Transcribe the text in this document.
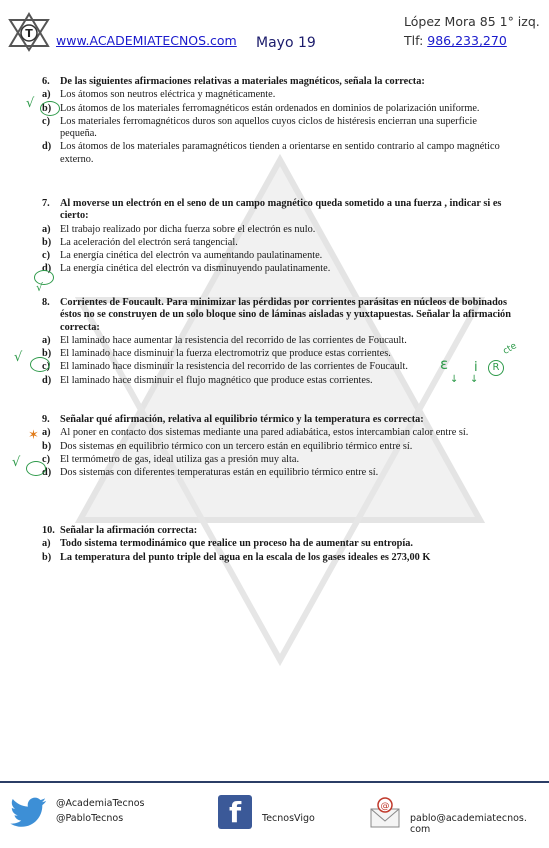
T www.ACADEMIATECNOS.com Mayo 19
López Mora 85 1° izq.
Tlf: 986,233,270
6. De las siguientes afirmaciones relativas a materiales magnéticos, señala la correcta:
a) Los átomos son neutros eléctrica y magnéticamente.
b) Los átomos de los materiales ferromagnéticos están ordenados en dominios de polarización uniforme.
c) Los materiales ferromagnéticos duros son aquellos cuyos ciclos de histéresis encierran una superficie pequeña.
d) Los átomos de los materiales paramagnéticos tienden a orientarse en sentido contrario al campo magnético externo.
√
7. Al moverse un electrón en el seno de un campo magnético queda sometido a una fuerza , indicar si es cierto:
a) El trabajo realizado por dicha fuerza sobre el electrón es nulo.
b) La aceleración del electrón será tangencial.
c) La energía cinética del electrón va aumentando paulatinamente.
d) La energía cinética del electrón va disminuyendo paulatinamente.
√
8. Corrientes de Foucault. Para minimizar las pérdidas por corrientes parásitas en núcleos de bobinados éstos no se construyen de un solo bloque sino de láminas aisladas y yuxtapuestas. Señalar la afirmación correcta:
a) El laminado hace aumentar la resistencia del recorrido de las corrientes de Foucault.
b) El laminado hace disminuir la fuerza electromotriz que produce estas corrientes.
c) El laminado hace disminuir la resistencia del recorrido de las corrientes de Foucault.
d) El laminado hace disminuir el flujo magnético que produce estas corrientes.
√	ε i	R
cte
↓ ↓
9. Señalar qué afirmación, relativa al equilibrio térmico y la temperatura es correcta:
a) Al poner en contacto dos sistemas mediante una pared adiabática, estos intercambian calor entre sí.
b) Dos sistemas en equilibrio térmico con un tercero están en equilibrio térmico entre sí.
c) El termómetro de gas, ideal utiliza gas a presión muy alta.
d) Dos sistemas con diferentes temperaturas están en equilibrio térmico entre sí.
✶
√
10. Señalar la afirmación correcta:
a) Todo sistema termodinámico que realice un proceso ha de aumentar su entropía.
b) La temperatura del punto triple del agua en la escala de los gases ideales es 273,00 K
@AcademiaTecnos
@PabloTecnos	f TecnosVigo
@
pablo@academiatecnos. com
